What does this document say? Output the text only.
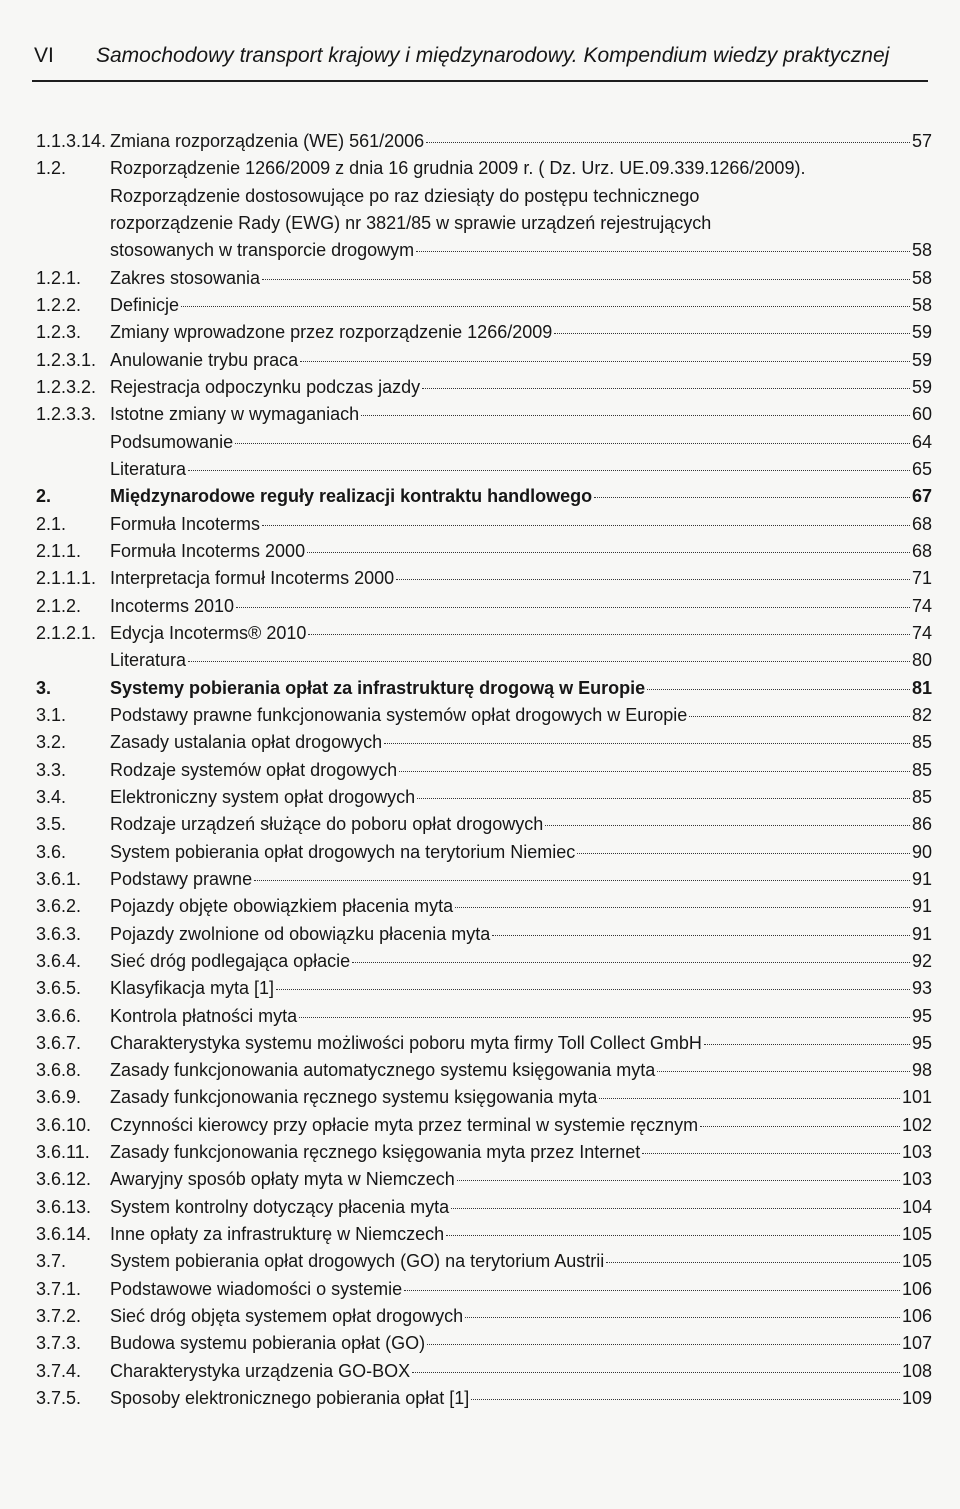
VI Samochodowy transport krajowy i międzynarodowy. Kompendium wiedzy praktycznej
1.1.3.14. Zmiana rozporządzenia (WE) 561/2006	57
1.2.	Rozporządzenie 1266/2009 z dnia 16 grudnia 2009 r. ( Dz. Urz. UE.09.339.1266/2009).
Rozporządzenie dostosowujące po raz dziesiąty do postępu technicznego
rozporządzenie Rady (EWG) nr 3821/85 w sprawie urządzeń rejestrujących
stosowanych w transporcie drogowym	58
1.2.1.	Zakres stosowania	58
1.2.2.	Definicje	58
1.2.3.	Zmiany wprowadzone przez rozporządzenie 1266/2009	59
1.2.3.1. Anulowanie trybu praca	59
1.2.3.2. Rejestracja odpoczynku podczas jazdy	59
1.2.3.3. Istotne zmiany w wymaganiach	60
Podsumowanie	64
Literatura	65
2.	Międzynarodowe reguły realizacji kontraktu handlowego	67
2.1.	Formuła Incoterms	68
2.1.1.	Formuła Incoterms 2000	68
2.1.1.1. Interpretacja formuł Incoterms 2000	71
2.1.2.	Incoterms 2010	74
2.1.2.1. Edycja Incoterms® 2010	74
Literatura	80
3.	Systemy pobierania opłat za infrastrukturę drogową w Europie	81
3.1.	Podstawy prawne funkcjonowania systemów opłat drogowych w Europie	82
3.2.	Zasady ustalania opłat drogowych	85
3.3.	Rodzaje systemów opłat drogowych	85
3.4.	Elektroniczny system opłat drogowych	85
3.5.	Rodzaje urządzeń służące do poboru opłat drogowych	86
3.6.	System pobierania opłat drogowych na terytorium Niemiec	90
3.6.1.	Podstawy prawne	91
3.6.2.	Pojazdy objęte obowiązkiem płacenia myta	91
3.6.3.	Pojazdy zwolnione od obowiązku płacenia myta	91
3.6.4.	Sieć dróg podlegająca opłacie	92
3.6.5.	Klasyfikacja myta [1]	93
3.6.6.	Kontrola płatności myta	95
3.6.7.	Charakterystyka systemu możliwości poboru myta firmy Toll Collect GmbH	95
3.6.8.	Zasady funkcjonowania automatycznego systemu księgowania myta	98
3.6.9.	Zasady funkcjonowania ręcznego systemu księgowania myta	101
3.6.10.	Czynności kierowcy przy opłacie myta przez terminal w systemie ręcznym	102
3.6.11.	Zasady funkcjonowania ręcznego księgowania myta przez Internet	103
3.6.12.	Awaryjny sposób opłaty myta w Niemczech	103
3.6.13.	System kontrolny dotyczący płacenia myta	104
3.6.14.	Inne opłaty za infrastrukturę w Niemczech	105
3.7.	System pobierania opłat drogowych (GO) na terytorium Austrii	105
3.7.1.	Podstawowe wiadomości o systemie	106
3.7.2.	Sieć dróg objęta systemem opłat drogowych	106
3.7.3.	Budowa systemu pobierania opłat (GO)	107
3.7.4.	Charakterystyka urządzenia GO-BOX	108
3.7.5.	Sposoby elektronicznego pobierania opłat [1]	109
